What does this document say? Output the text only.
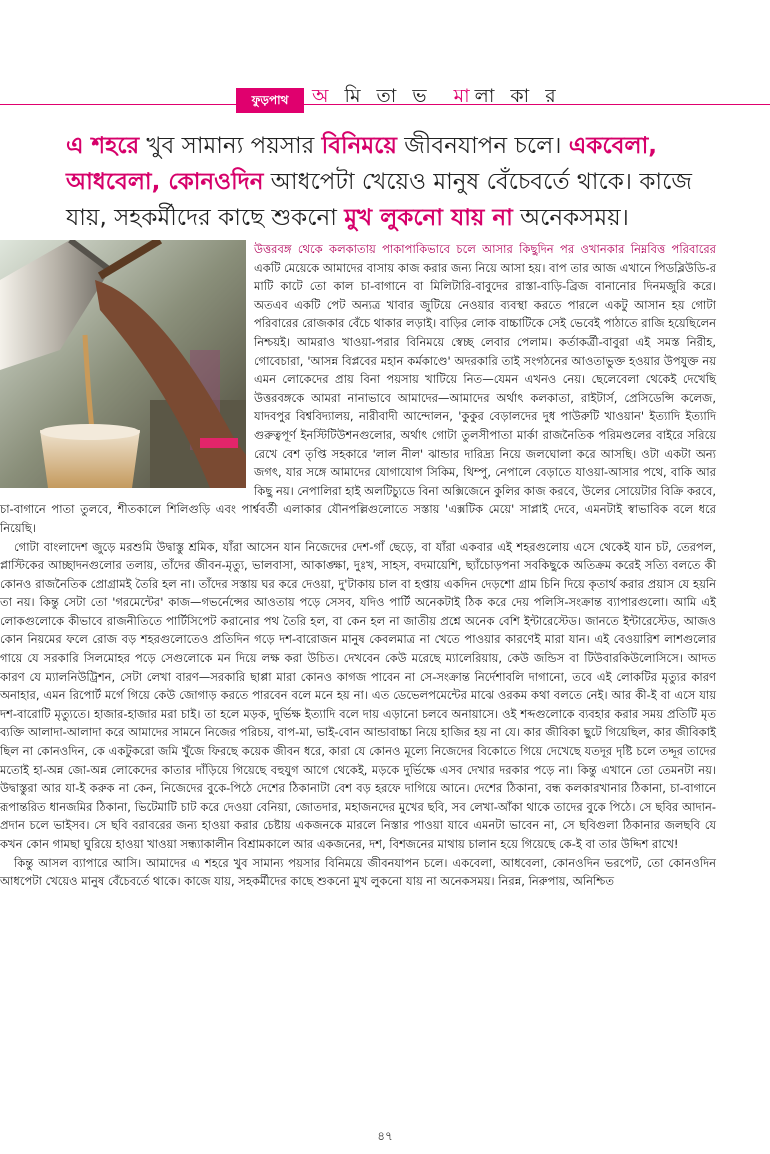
ফুড়পাথ	অ মি তা ভ মালা কা র
এ শহরে খুব সামান্য পয়সার বিনিময়ে জীবনযাপন চলে। একবেলা, আধবেলা, কোনওদিন আধপেটা খেয়েও মানুষ বেঁচেবর্তে থাকে। কাজে যায়, সহকর্মীদের কাছে শুকনো মুখ লুকনো যায় না অনেকসময়।

উত্তরবঙ্গ থেকে কলকাতায় পাকাপাকিভাবে চলে আসার কিছুদিন পর ওখানকার নিম্নবিত্ত পরিবারের একটি মেয়েকে আমাদের বাসায় কাজ করার জন্য নিয়ে আসা হয়। বাপ তার আজ এখানে পিডব্লিউডি-র মাটি কাটে তো কাল চা-বাগানে বা মিলিটারি-বাবুদের রাস্তা-বাড়ি-ব্রিজ বানানোর দিনমজুরি করে। অতএব একটি পেট অন্যত্র খাবার জুটিয়ে নেওয়ার ব্যবস্থা করতে পারলে একটু আসান হয় গোটা পরিবারের রোজকার বেঁচে থাকার লড়াই। বাড়ির লোক বাচ্চাটিকে সেই ভেবেই পাঠাতে রাজি হয়েছিলেন নিশ্চয়ই। আমরাও খাওয়া-পরার বিনিময়ে স্বেচ্ছ লেবার পেলাম। কর্তাকর্ত্রী-বাবুরা এই সমস্ত নিরীহ, গোবেচারা, 'আসন্ন বিপ্লবের মহান কর্মকাণ্ডে' অদরকারি তাই সংগঠনের আওতাভুক্ত হওয়ার উপযুক্ত নয় এমন লোকেদের প্রায় বিনা পয়সায় খাটিয়ে নিত—যেমন এখনও নেয়। ছেলেবেলা থেকেই দেখেছি উত্তরবঙ্গকে আমরা নানাভাবে আমাদের—আমাদের অর্থাৎ কলকাতা, রাইটার্স, প্রেসিডেন্সি কলেজ, যাদবপুর বিশ্ববিদ্যালয়, নারীবাদী আন্দোলন, 'কুকুর বেড়ালদের দুধ পাউরুটি খাওয়ান' ইত্যাদি ইত্যাদি গুরুত্বপূর্ণ ইনস্টিটিউশনগুলোর, অর্থাৎ গোটা তুলসীপাতা মার্কা রাজনৈতিক পরিমণ্ডলের বাইরে সরিয়ে রেখে বেশ তৃপ্তি সহকারে 'লাল নীল' ঝান্ডার দারিদ্র্য নিয়ে জলঘোলা করে আসছি। ওটা একটা অন্য জগৎ, যার সঙ্গে আমাদের যোগাযোগ সিকিম, থিম্পু, নেপালে বেড়াতে যাওয়া-আসার পথে, বাকি আর কিছু নয়। নেপালিরা হাই অলটিচ্যুডে বিনা অক্সিজেনে কুলির কাজ করবে, উলের সোয়েটার বিক্রি করবে, চা-বাগানে পাতা তুলবে, শীতকালে শিলিগুড়ি এবং পার্শ্ববর্তী এলাকার যৌনপল্লিগুলোতে সস্তায় 'এক্সটিক মেয়ে' সাপ্লাই দেবে, এমনটাই স্বাভাবিক বলে ধরে নিয়েছি।

গোটা বাংলাদেশ জুড়ে মরশুমি উদ্বাস্তু শ্রমিক, যাঁরা আসেন যান নিজেদের দেশ-গাঁ ছেড়ে, বা যাঁরা একবার এই শহরগুলোয় এসে থেকেই যান চট, তেরপল, প্লাস্টিকের আচ্ছাদনগুলোর তলায়, তাঁদের জীবন-মৃত্যু, ভালবাসা, আকাঙ্ক্ষা, দুঃখ, সাহস, বদমায়েশি, ছ্যাঁচোড়পনা সবকিছুকে অতিক্রম করেই সত্যি বলতে কী কোনও রাজনৈতিক প্রোগ্রামই তৈরি হল না। তাঁদের সস্তায় ঘর করে দেওয়া, দু'টাকায় চাল বা হপ্তায় একদিন দেড়শো গ্রাম চিনি দিয়ে কৃতার্থ করার প্রয়াস যে হয়নি তা নয়। কিন্তু সেটা তো 'গরমেন্টের' কাজ—গভর্নেন্সের আওতায় পড়ে সেসব, যদিও পার্টি অনেকটাই ঠিক করে দেয় পলিসি-সংক্রান্ত ব্যাপারগুলো। আমি এই লোকগুলোকে কীভাবে রাজনীতিতে পার্টিসিপেট করানোর পথ তৈরি হল, বা কেন হল না জাতীয় প্রশ্নে অনেক বেশি ইন্টারেস্টেড। জানতে ইন্টারেস্টেড, আজও কোন নিয়মের ফলে রোজ বড় শহরগুলোতেও প্রতিদিন গড়ে দশ-বারোজন মানুষ কেবলমাত্র না খেতে পাওয়ার কারণেই মারা যান। এই বেওয়ারিশ লাশগুলোর গায়ে যে সরকারি সিলমোহর পড়ে সেগুলোকে মন দিয়ে লক্ষ করা উচিত। দেখবেন কেউ মরেছে ম্যালেরিয়ায়, কেউ জন্ডিস বা টিউবারকিউলোসিসে। আদত কারণ যে ম্যালনিউট্রিশন, সেটা লেখা বারণ—সরকারি ছাপ্পা মারা কোনও কাগজ পাবেন না সে-সংক্রান্ত নির্দেশাবলি দাগানো, তবে এই লোকটির মৃত্যুর কারণ অনাহার, এমন রিপোর্ট মর্গে গিয়ে কেউ জোগাড় করতে পারবেন বলে মনে হয় না। এত ডেভেলপমেন্টের মাঝে ওরকম কথা বলতে নেই। আর কী-ই বা এসে যায় দশ-বারোটি মৃত্যুতে। হাজার-হাজার মরা চাই। তা হলে মড়ক, দুর্ভিক্ষ ইত্যাদি বলে দায় এড়ানো চলবে অনায়াসে। ওই শব্দগুলোকে ব্যবহার করার সময় প্রতিটি মৃত ব্যক্তি আলাদা-আলাদা করে আমাদের সামনে নিজের পরিচয়, বাপ-মা, ভাই-বোন আন্ডাবাচ্চা নিয়ে হাজির হয় না যে। কার জীবিকা ছুটে গিয়েছিল, কার জীবিকাই ছিল না কোনওদিন, কে একটুকরো জমি খুঁজে ফিরছে কয়েক জীবন ধরে, কারা যে কোনও মূল্যে নিজেদের বিকোতে গিয়ে দেখেছে যতদূর দৃষ্টি চলে তদ্দূর তাদের মতোই হা-অন্ন জো-অন্ন লোকেদের কাতার দাঁড়িয়ে গিয়েছে বহুযুগ আগে থেকেই, মড়কে দুর্ভিক্ষে এসব দেখার দরকার পড়ে না। কিন্তু এখানে তো তেমনটা নয়। উদ্বাস্তুরা আর যা-ই করুক না কেন, নিজেদের বুকে-পিঠে দেশের ঠিকানাটা বেশ বড় হরফে দাগিয়ে আনে। দেশের ঠিকানা, বন্ধ কলকারখানার ঠিকানা, চা-বাগানে রূপান্তরিত ধানজমির ঠিকানা, ভিটেমাটি চাট করে দেওয়া বেনিয়া, জোতদার, মহাজনদের মুখের ছবি, সব লেখা-আঁকা থাকে তাদের বুকে পিঠে। সে ছবির আদান-প্রদান চলে ভাইসব। সে ছবি বরাবরের জন্য হাওয়া করার চেষ্টায় একজনকে মারলে নিস্তার পাওয়া যাবে এমনটা ভাবেন না, সে ছবিগুলা ঠিকানার জলছবি যে কখন কোন গামছা ঘুরিয়ে হাওয়া খাওয়া সন্ধ্যাকালীন বিশ্রামকালে আর একজনের, দশ, বিশজনের মাথায় চালান হয়ে গিয়েছে কে-ই বা তার উদ্দিশ রাখে!

কিন্তু আসল ব্যাপারে আসি। আমাদের এ শহরে খুব সামান্য পয়সার বিনিময়ে জীবনযাপন চলে। একবেলা, আধবেলা, কোনওদিন ভরপেট, তো কোনওদিন আধপেটা খেয়েও মানুষ বেঁচেবর্তে থাকে। কাজে যায়, সহকর্মীদের কাছে শুকনো মুখ লুকনো যায় না অনেকসময়। নিরন্ন, নিরুপায়, অনিশ্চিত

৪৭
